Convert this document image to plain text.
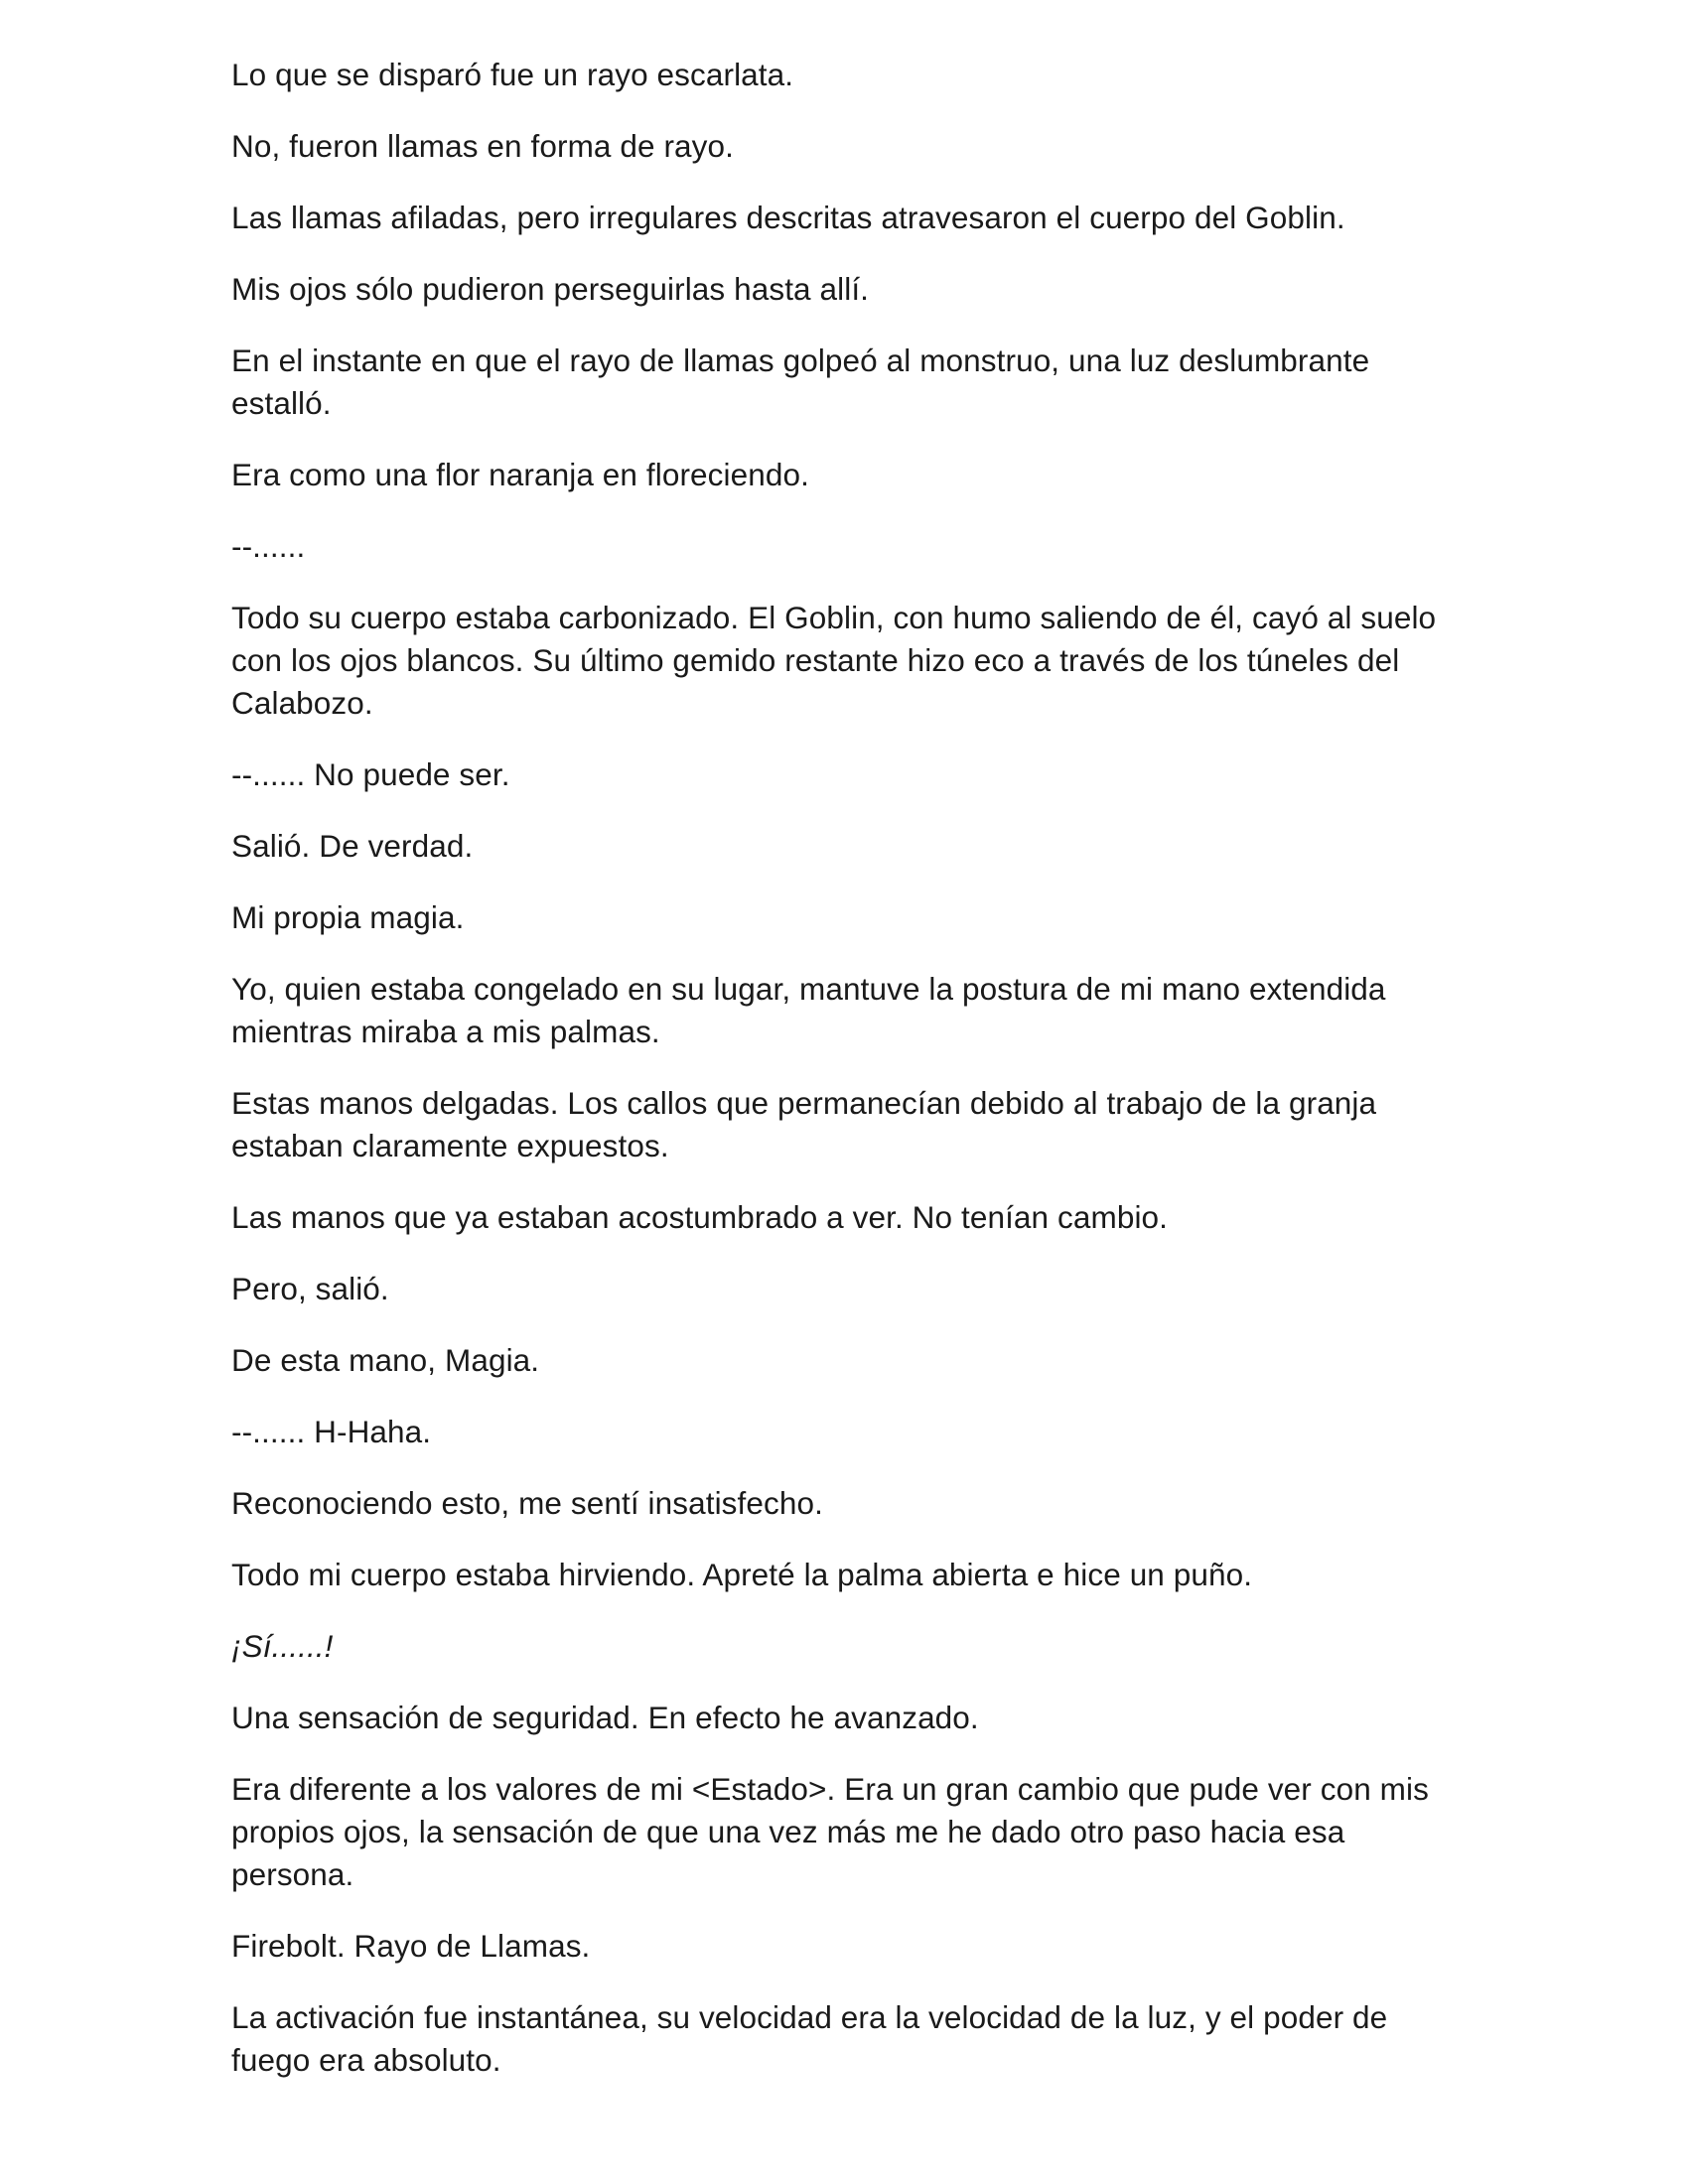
Lo que se disparó fue un rayo escarlata.

No, fueron llamas en forma de rayo.

Las llamas afiladas, pero irregulares descritas atravesaron el cuerpo del Goblin.

Mis ojos sólo pudieron perseguirlas hasta allí.

En el instante en que el rayo de llamas golpeó al monstruo, una luz deslumbrante estalló.

Era como una flor naranja en floreciendo.

--......

Todo su cuerpo estaba carbonizado. El Goblin, con humo saliendo de él, cayó al suelo con los ojos blancos. Su último gemido restante hizo eco a través de los túneles del Calabozo.

--...... No puede ser.

Salió. De verdad.

Mi propia magia.

Yo, quien estaba congelado en su lugar, mantuve la postura de mi mano extendida mientras miraba a mis palmas.

Estas manos delgadas. Los callos que permanecían debido al trabajo de la granja estaban claramente expuestos.

Las manos que ya estaban acostumbrado a ver. No tenían cambio.

Pero, salió.

De esta mano, Magia.

--...... H-Haha.

Reconociendo esto, me sentí insatisfecho.

Todo mi cuerpo estaba hirviendo. Apreté la palma abierta e hice un puño.

¡Sí......!

Una sensación de seguridad. En efecto he avanzado.

Era diferente a los valores de mi <Estado>. Era un gran cambio que pude ver con mis propios ojos, la sensación de que una vez más me he dado otro paso hacia esa persona.

Firebolt. Rayo de Llamas.

La activación fue instantánea, su velocidad era la velocidad de la luz, y el poder de fuego era absoluto.
